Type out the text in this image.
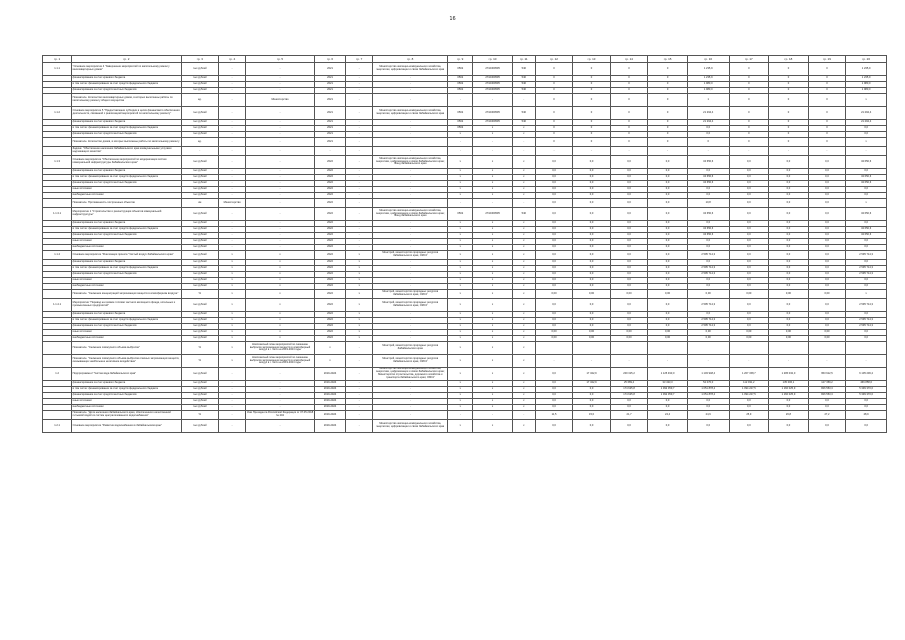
16
гр. 1	гр. 2	гр. 3	гр. 4	гр. 5	гр. 6	гр. 7	гр. 8	гр. 9	гр. 10	гр. 11	гр. 12	гр. 13	гр. 14	гр. 15	гр. 16	гр. 17	гр. 18	гр. 19	гр. 20
1.1.1	"Основное мероприятие 4 "Завершение мероприятий по капитальному ремонту многоквартирных домов"	тыс.рублей	-	-	2021	-	Министерство жилищно-коммунального хозяйства, энергетики, цифровизации и связи Забайкальского края	0502	2710309505	540	0	0	0	0	1 235,9	0	0	0	1 235,9
	финансирование за счет краевого бюджета	тыс.рублей	-	-	2021	-	-	0502	2710309505	540	0	0	0	0	1 235,9	0	0	0	1 235,9
	в том числе: финансирование за счет средств федерального бюджета	тыс.рублей	-	-	2021	-	-	0502	2710309505	540	0	0	0	0	1 980,0	0	0	0	1 980,0
	финансирование за счет средств местных бюджетов	тыс.рублей	-	-	2021	-	-	0502	2710309505	540	0	0	0	0	1 980,0	0	0	0	1 980,0
	Показатель: Количество многоквартирных домов, в которых выполнены работы по капитальному ремонту общего имущества	ед.	-	Министерство	2021	-	-	-	-	-	0	0	0	0	1	0	0	0	х
1.1.2	Основное мероприятие 5 "Предоставление субсидии в целях финансового обеспечения деятельности, связанной с реализацией мероприятий по капитальному ремонту"	тыс.рублей	-	-	2021	-	Министерство жилищно-коммунального хозяйства, энергетики, цифровизации и связи Забайкальского края	0502	2710309505	540	0	0	0	0	21 294,4	0	0	0	21 294,4
	финансирование за счет краевого бюджета	тыс.рублей	-	-	2021	-	-	0502	2710309505	540	0	0	0	0	21 294,4	0	0	0	21 294,4
	в том числе: финансирование за счет средств федерального бюджета	тыс.рублей	-	-	2021	-	-	0502	х	х	0	0	0	0	0,0	0	0	0	0,0
	финансирование за счет средств местных бюджетов	тыс.рублей	-	-	2021	-	-	х	х	х	0	0	0	0	0,0	0	0	0	0,0
	Показатель: Количество домов, в которых выполнены работы по капитальному ремонту	ед.	-	-	2021	-	-	-	-	-	0	0	0	0	0	0	0	0	х
	Задача: "Обеспечение населения Забайкальского края коммунальными услугами надлежащего качества"	-	-	-	-	-	-	-	-	-	-	-	-	-	-	-	-	-	-
1.1.3	Основное мероприятие "Обеспечение мероприятий по модернизации систем коммунальной инфраструктуры Забайкальского края"	тыс.рублей	-	-	2022	-	Министерство жилищно-коммунального хозяйства, энергетики, цифровизации и связи Забайкальского края; Фонд Забайкальского края	х	х	х	0,0	0,0	0,0	0,0	34 650,6	0,0	0,0	0,0	34 650,6
	финансирование за счет краевого бюджета	тыс.рублей	-	-	2022	-	-	х	х	х	0,0	0,0	0,0	0,0	0,0	0,0	0,0	0,0	0,0
	в том числе: финансирование за счет средств федерального бюджета	тыс.рублей	-	-	2022	-	-	х	х	х	0,0	0,0	0,0	0,0	34 650,6	0,0	0,0	0,0	34 650,6
	финансирование за счет средств местных бюджетов	тыс.рублей	-	-	2022	-	-	х	х	х	0,0	0,0	0,0	0,0	34 650,6	0,0	0,0	0,0	34 650,6
	иные источники	тыс.рублей	-	-	2022	-	-	х	х	х	0,0	0,0	0,0	0,0	0,0	0,0	0,0	0,0	0,0
	внебюджетные источники	тыс.рублей	-	-	2022	-	-	х	х	х	0,0	0,0	0,0	0,0	0,0	0,0	0,0	0,0	0,0
	Показатель: Протяженность построенных объектов	км	Министерство	-	2022	-	-	-	-	-	0,0	0,0	0,0	0,0	10,8	0,0	0,0	0,0	х
1.1.3.1	Мероприятие 1 "Строительство и реконструкция объектов коммунальной инфраструктуры"	тыс.рублей	-	-	2022	-	Министерство жилищно-коммунального хозяйства, энергетики, цифровизации и связи Забайкальского края; Фонд Забайкальского края	0502	2710309505	540	0,0	0,0	0,0	0,0	34 650,6	0,0	0,0	0,0	34 650,6
	финансирование за счет краевого бюджета	тыс.рублей	-	-	2022	-	-	х	х	х	0,0	0,0	0,0	0,0	0,0	0,0	0,0	0,0	0,0
	в том числе: финансирование за счет средств федерального бюджета	тыс.рублей	-	-	2022	-	-	х	х	х	0,0	0,0	0,0	0,0	34 650,6	0,0	0,0	0,0	34 650,6
	финансирование за счет средств местных бюджетов	тыс.рублей	-	-	2022	-	-	х	х	х	0,0	0,0	0,0	0,0	34 650,6	0,0	0,0	0,0	34 650,6
	иные источники	тыс.рублей	-	-	2022	-	-	х	х	х	0,0	0,0	0,0	0,0	0,0	0,0	0,0	0,0	0,0
	внебюджетные источники	тыс.рублей	-	-	2022	-	-	х	х	х	0,0	0,0	0,0	0,0	0,0	0,0	0,0	0,0	0,0
1.1.4	Основное мероприятие "Реализация проекта "Чистый воздух Забайкальского края"	тыс.рублей	х	х	2022	х	Минстрой, министерство природных ресурсов Забайкальского края, ОМСУ	х	х	х	0,0	0,0	0,0	0,0	2 595 714,3	0,0	0,0	0,0	2 595 714,3
	финансирование за счет краевого бюджета	тыс.рублей	х	х	2022	х	-	х	х	х	0,0	0,0	0,0	0,0	0,0	0,0	0,0	0,0	0,0
	в том числе: финансирование за счет средств федерального бюджета	тыс.рублей	х	х	2022	х	-	х	х	х	0,0	0,0	0,0	0,0	2 595 714,3	0,0	0,0	0,0	2 595 714,3
	финансирование за счет средств местных бюджетов	тыс.рублей	х	х	2022	х	-	х	х	х	0,0	0,0	0,0	0,0	2 595 714,3	0,0	0,0	0,0	2 595 714,3
	иные источники	тыс.рублей	х	х	2022	х	-	х	х	х	0,0	0,0	0,0	0,0	0,0	0,0	0,0	0,0	0,0
	внебюджетные источники	тыс.рублей	х	х	2022	х	-	х	х	х	0,0	0,0	0,0	0,0	0,0	0,0	0,0	0,0	0,0
	Показатель: "Снижение концентраций загрязняющих веществ в атмосферном воздухе"	%	х	х	2022	х	Минстрой, министерство природных ресурсов Забайкальского края, ОМСУ	х	х	х	0,00	0,00	0,00	0,00	0,00	0,00	0,00	0,00	х
1.1.4.1	Мероприятие "Перевод на газовое топливо частного жилищного фонда, котельных и промышленных предприятий"	тыс.рублей	х	х	2022	х	Минстрой, министерство природных ресурсов Забайкальского края, ОМСУ	х	х	х	0,0	0,0	0,0	0,0	2 595 714,3	0,0	0,0	0,0	2 595 714,3
	финансирование за счет краевого бюджета	тыс.рублей	х	х	2022	х	-	х	х	х	0,0	0,0	0,0	0,0	0,0	0,0	0,0	0,0	0,0
	в том числе: финансирование за счет средств федерального бюджета	тыс.рублей	х	х	2022	х	-	х	х	х	0,0	0,0	0,0	0,0	2 595 714,3	0,0	0,0	0,0	2 595 714,3
	финансирование за счет средств местных бюджетов	тыс.рублей	х	х	2022	х	-	х	х	х	0,0	0,0	0,0	0,0	2 595 714,3	0,0	0,0	0,0	2 595 714,3
	иные источники	тыс.рублей	х	х	2022	х	-	х	х	х	0,00	0,00	0,00	0,00	0,00	0,00	0,00	0,00	0,0
	внебюджетные источники	тыс.рублей	х	х	2022	х	-	х	х	х	0,00	0,00	0,00	0,00	0,00	0,00	0,00	0,00	0,0
	Показатель: "Снижение совокупного объема выбросов"	%	х	Комплексный план мероприятий по снижению выбросов загрязняющих веществ в атмосферный воздух в г. Чите на 2019-2024 годы	х	-	Минстрой, министерство природных ресурсов Забайкальского края	х	х	х									
	Показатель: "Снижение совокупного объема выбросов опасных загрязняющих веществ, оказывающих наибольшее негативное воздействие"	%	х	Комплексный план мероприятий по снижению выбросов загрязняющих веществ в атмосферный воздух в г. Чите на 2019-2024 годы	х	-	Минстрой, министерство природных ресурсов Забайкальского края, ОМСУ	х	х	х	-	-	-	-	-	-	-	-	-
1.2	Подпрограмма 2 "Чистая вода Забайкальского края"	тыс.рублей	-	-	2019-2024	-	Министерство жилищно-коммунального хозяйства, энергетики, цифровизации и связи Забайкальского края; Министерство строительства, дорожного хозяйства и транспорта Забайкальского края; ОМСУ	х	х	х	0,0	17 342,9	200 315,2	1 125 493,0	1 103 948,4	1 207 158,7	1 295 032,0	953 912,5	6 105 206,4
	финансирование за счет краевого бюджета	тыс.рублей	-	-	2019-2024	-	-	х	х	х	0,0	17 342,9	25 689,4	33 433,3	52 070,0	112 931,2	135 006,1	127 359,2	466 858,6
	в том числе: финансирование за счет средств федерального бюджета	тыс.рублей	-	-	2019-2024	-	-	х	х	х	0,0	0,0	174 625,8	1 092 059,7	1 051 878,4	1 094 227,5	1 160 025,9	826 553,3	5 399 370,6
	финансирование за счет средств местных бюджетов	тыс.рублей	-	-	2019-2024	-	-	х	х	х	0,0	0,0	174 625,8	1 092 059,7	1 051 878,4	1 094 227,5	1 160 025,9	826 553,3	5 399 370,6
	иные источники	тыс.рублей	-	-	2019-2024	-	-	х	х	х	0,0	0,0	0,0	0,0	0,0	0,0	0,0	0,0	0,0
	внебюджетные источники	тыс.рублей	-	-	2019-2024	-	-	х	х	х	0,0	0,0	0,0	0,0	0,0	0,0	0,0	0,0	0,0
	Показатель: "Доля населения Забайкальского края, обеспеченного качественной питьевой водой из систем централизованного водоснабжения"	%	-	Указ Президента Российской Федерации от 07.05.2018 № 204	2019-2024	-	-	-	-	-	11,5	15,0	21,7	24,4	24,9	25,9	26,8	27,2	28,9
1.2.1	Основное мероприятие "Развитие водоснабжения в Забайкальском крае"	тыс.рублей	-	-	2019-2024	-	Министерство жилищно-коммунального хозяйства, энергетики, цифровизации и связи Забайкальского края	х	х	х	0,0	0,0	0,0	0,0	0,0	0,0	0,0	0,0	0,0
